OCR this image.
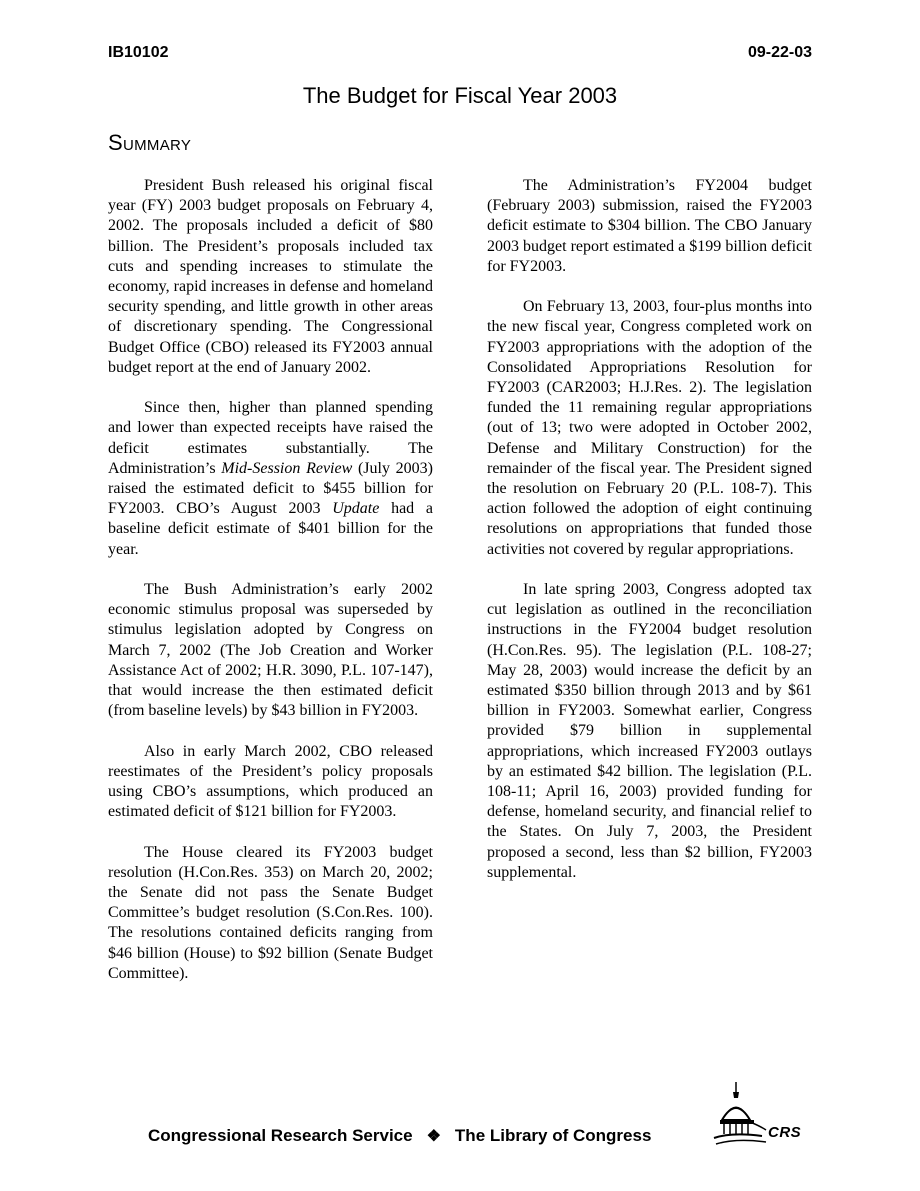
IB10102	09-22-03
The Budget for Fiscal Year 2003
Summary

President Bush released his original fiscal year (FY) 2003 budget proposals on February 4, 2002. The proposals included a deficit of $80 billion. The President’s proposals included tax cuts and spending increases to stimulate the economy, rapid increases in defense and homeland security spending, and little growth in other areas of discretionary spending. The Congressional Budget Office (CBO) released its FY2003 annual budget report at the end of January 2002.

Since then, higher than planned spending and lower than expected receipts have raised the deficit estimates substantially. The Administration’s Mid-Session Review (July 2003) raised the estimated deficit to $455 billion for FY2003. CBO’s August 2003 Update had a baseline deficit estimate of $401 billion for the year.

The Bush Administration’s early 2002 economic stimulus proposal was superseded by stimulus legislation adopted by Congress on March 7, 2002 (The Job Creation and Worker Assistance Act of 2002; H.R. 3090, P.L. 107-147), that would increase the then estimated deficit (from baseline levels) by $43 billion in FY2003.

Also in early March 2002, CBO released reestimates of the President’s policy proposals using CBO’s assumptions, which produced an estimated deficit of $121 billion for FY2003.

The House cleared its FY2003 budget resolution (H.Con.Res. 353) on March 20, 2002; the Senate did not pass the Senate Budget Committee’s budget resolution (S.Con.Res. 100). The resolutions contained deficits ranging from $46 billion (House) to $92 billion (Senate Budget Committee).

The Administration’s FY2004 budget (February 2003) submission, raised the FY2003 deficit estimate to $304 billion. The CBO January 2003 budget report estimated a $199 billion deficit for FY2003.

On February 13, 2003, four-plus months into the new fiscal year, Congress completed work on FY2003 appropriations with the adoption of the Consolidated Appropriations Resolution for FY2003 (CAR2003; H.J.Res. 2). The legislation funded the 11 remaining regular appropriations (out of 13; two were adopted in October 2002, Defense and Military Construction) for the remainder of the fiscal year. The President signed the resolution on February 20 (P.L. 108-7). This action followed the adoption of eight continuing resolutions on appropriations that funded those activities not covered by regular appropriations.

In late spring 2003, Congress adopted tax cut legislation as outlined in the reconciliation instructions in the FY2004 budget resolution (H.Con.Res. 95). The legislation (P.L. 108-27; May 28, 2003) would increase the deficit by an estimated $350 billion through 2013 and by $61 billion in FY2003. Somewhat earlier, Congress provided $79 billion in supplemental appropriations, which increased FY2003 outlays by an estimated $42 billion. The legislation (P.L. 108-11; April 16, 2003) provided funding for defense, homeland security, and financial relief to the States. On July 7, 2003, the President proposed a second, less than $2 billion, FY2003 supplemental.

Congressional Research Service ❖ The Library of Congress	CRS
